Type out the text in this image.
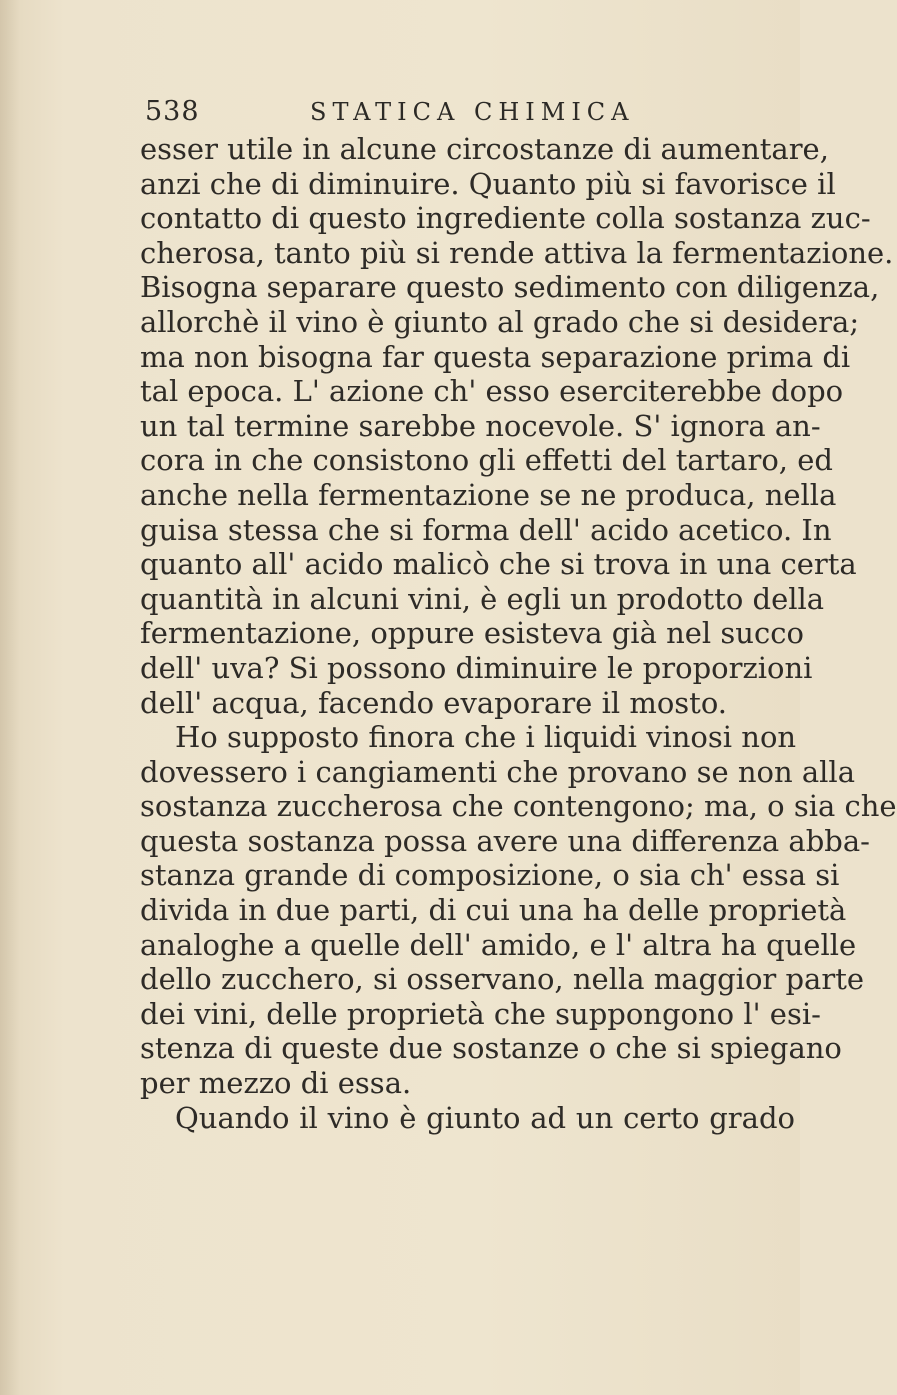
538	STATICA CHIMICA
esser utile in alcune circostanze di aumentare,
anzi che di diminuire. Quanto più si favorisce il
contatto di questo ingrediente colla sostanza zuc-
cherosa, tanto più si rende attiva la fermentazione.
Bisogna separare questo sedimento con diligenza,
allorchè il vino è giunto al grado che si desidera;
ma non bisogna far questa separazione prima di
tal epoca. L' azione ch' esso eserciterebbe dopo
un tal termine sarebbe nocevole. S' ignora an-
cora in che consistono gli effetti del tartaro, ed
anche nella fermentazione se ne produca, nella
guisa stessa che si forma dell' acido acetico. In
quanto all' acido malicò che si trova in una certa
quantità in alcuni vini, è egli un prodotto della
fermentazione, oppure esisteva già nel succo
dell' uva? Si possono diminuire le proporzioni
dell' acqua, facendo evaporare il mosto.
Ho supposto finora che i liquidi vinosi non
dovessero i cangiamenti che provano se non alla
sostanza zuccherosa che contengono; ma, o sia che
questa sostanza possa avere una differenza abba-
stanza grande di composizione, o sia ch' essa si
divida in due parti, di cui una ha delle proprietà
analoghe a quelle dell' amido, e l' altra ha quelle
dello zucchero, si osservano, nella maggior parte
dei vini, delle proprietà che suppongono l' esi-
stenza di queste due sostanze o che si spiegano
per mezzo di essa.
Quando il vino è giunto ad un certo grado
